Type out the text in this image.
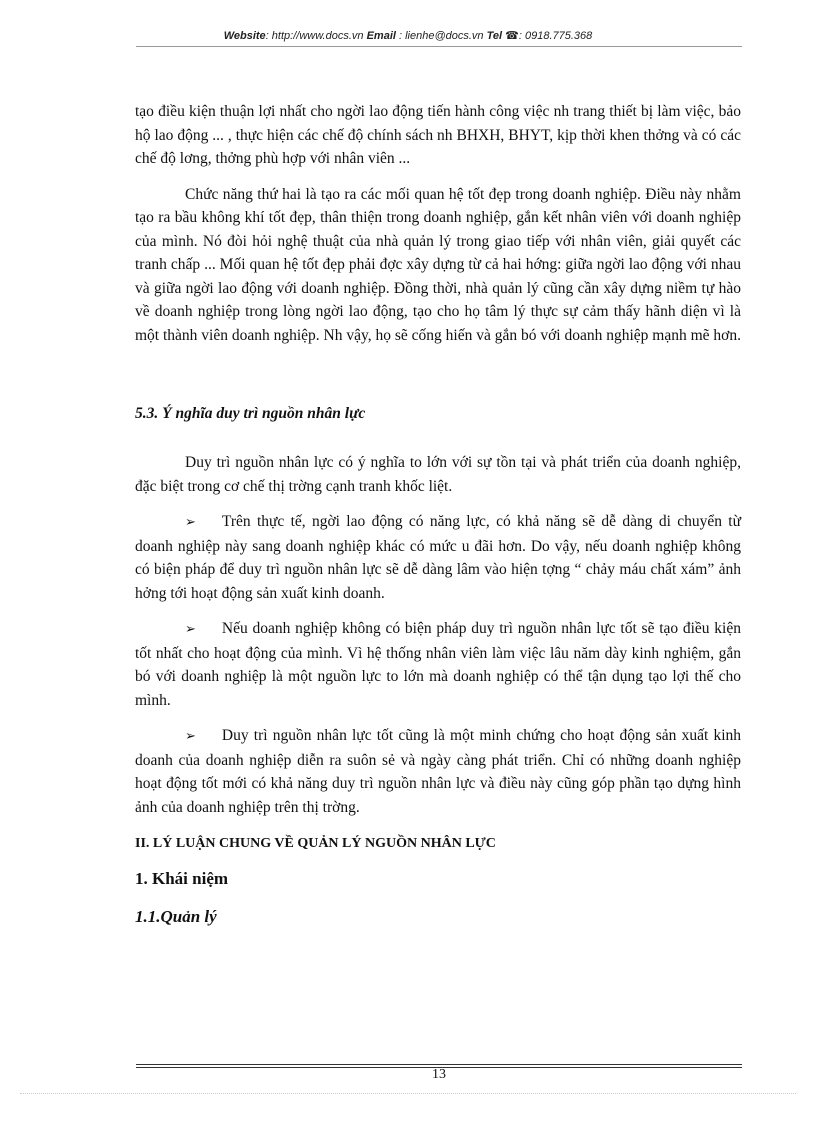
Website: http://www.docs.vn Email : lienhe@docs.vn Tel ☎: 0918.775.368

tạo điều kiện thuận lợi nhất cho ngời lao động tiến hành công việc nh trang thiết bị làm việc, bảo hộ lao động ... , thực hiện các chế độ chính sách nh BHXH, BHYT, kịp thời khen thởng và có các chế độ lơng, thởng phù hợp với nhân viên ...

Chức năng thứ hai là tạo ra các mối quan hệ tốt đẹp trong doanh nghiệp. Điều này nhằm tạo ra bầu không khí tốt đẹp, thân thiện trong doanh nghiệp, gắn kết nhân viên với doanh nghiệp của mình. Nó đòi hỏi nghệ thuật của nhà quản lý trong giao tiếp với nhân viên, giải quyết các tranh chấp ... Mối quan hệ tốt đẹp phải đợc xây dựng từ cả hai hớng: giữa ngời lao động với nhau và giữa ngời lao động với doanh nghiệp. Đồng thời, nhà quản lý cũng cần xây dựng niềm tự hào về doanh nghiệp trong lòng ngời lao động, tạo cho họ tâm lý thực sự cảm thấy hãnh diện vì là một thành viên doanh nghiệp. Nh vậy, họ sẽ cống hiến và gắn bó với doanh nghiệp mạnh mẽ hơn.

5.3. Ý nghĩa duy trì nguồn nhân lực

Duy trì nguồn nhân lực có ý nghĩa to lớn với sự tồn tại và phát triển của doanh nghiệp, đặc biệt trong cơ chế thị trờng cạnh tranh khốc liệt.

➢ Trên thực tế, ngời lao động có năng lực, có khả năng sẽ dễ dàng di chuyển từ doanh nghiệp này sang doanh nghiệp khác có mức u đãi hơn. Do vậy, nếu doanh nghiệp không có biện pháp để duy trì nguồn nhân lực sẽ dễ dàng lâm vào hiện tợng “ chảy máu chất xám” ảnh hởng tới hoạt động sản xuất kinh doanh.

➢ Nếu doanh nghiệp không có biện pháp duy trì nguồn nhân lực tốt sẽ tạo điều kiện tốt nhất cho hoạt động của mình. Vì hệ thống nhân viên làm việc lâu năm dày kinh nghiệm, gắn bó với doanh nghiệp là một nguồn lực to lớn mà doanh nghiệp có thể tận dụng tạo lợi thế cho mình.

➢ Duy trì nguồn nhân lực tốt cũng là một minh chứng cho hoạt động sản xuất kinh doanh của doanh nghiệp diễn ra suôn sẻ và ngày càng phát triển. Chỉ có những doanh nghiệp hoạt động tốt mới có khả năng duy trì nguồn nhân lực và điều này cũng góp phần tạo dựng hình ảnh của doanh nghiệp trên thị trờng.

II. LÝ LUẬN CHUNG VỀ QUẢN LÝ NGUỒN NHÂN LỰC

1. Khái niệm

1.1.Quản lý

13
